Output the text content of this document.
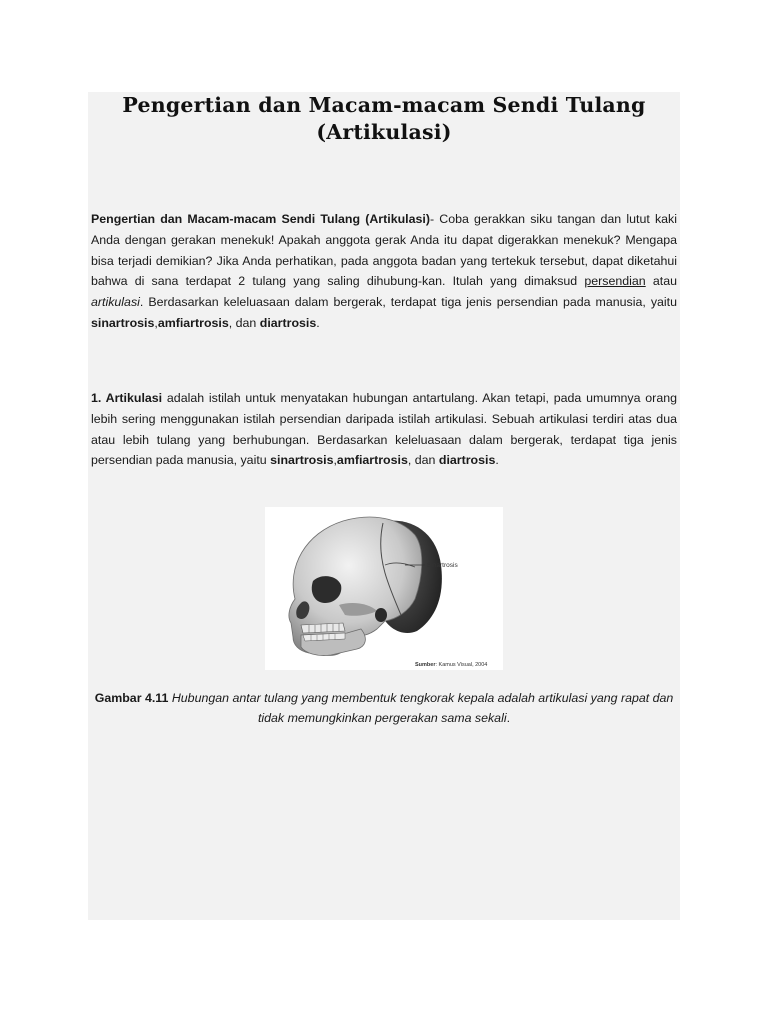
Pengertian dan Macam-macam Sendi Tulang
(Artikulasi)

Pengertian dan Macam-macam Sendi Tulang (Artikulasi)- Coba gerakkan siku tangan dan lutut kaki Anda dengan gerakan menekuk! Apakah anggota gerak Anda itu dapat digerakkan menekuk? Mengapa bisa terjadi demikian? Jika Anda perhatikan, pada anggota badan yang tertekuk tersebut, dapat diketahui bahwa di sana terdapat 2 tulang yang saling dihubung-kan. Itulah yang dimaksud persendian atau artikulasi. Berdasarkan keleluasaan dalam bergerak, terdapat tiga jenis persendian pada manusia, yaitu sinartrosis,amfiartrosis, dan diartrosis.

1. Artikulasi adalah istilah untuk menyatakan hubungan antartulang. Akan tetapi, pada umumnya orang lebih sering menggunakan istilah persendian daripada istilah artikulasi. Sebuah artikulasi terdiri atas dua atau lebih tulang yang berhubungan. Berdasarkan keleluasaan dalam bergerak, terdapat tiga jenis persendian pada manusia, yaitu sinartrosis,amfiartrosis, dan diartrosis.

Sinartrosis
Sumber: Kamus Visual, 2004
Gambar 4.11 Hubungan antar tulang yang membentuk tengkorak kepala adalah artikulasi yang rapat dan tidak memungkinkan pergerakan sama sekali.
